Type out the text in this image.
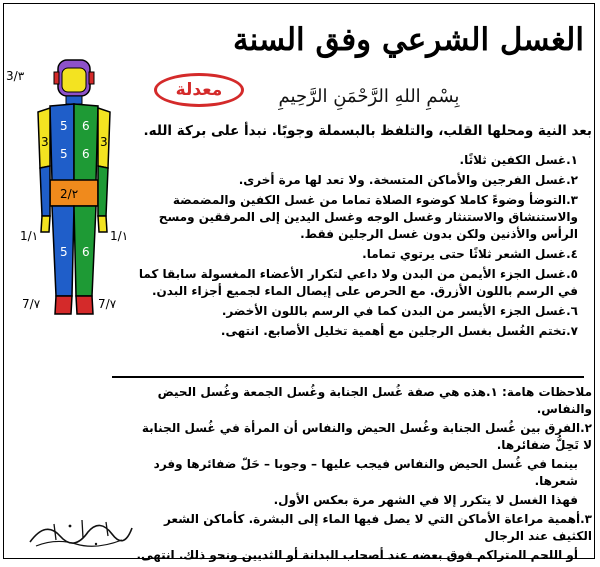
الغسل الشرعي وفق السنة
معدلة	بِسْمِ اللهِ الرَّحْمَنِ الرَّحِيمِ
بعد النية ومحلها القلب، والتلفظ بالبسملة وجوبًا. نبدأ على بركة الله.
١.غسل الكفين ثلاثًا.
٢.غسل الفرجين والأماكن المتسخة. ولا تعد لها مرة أخرى.
٣.التوضأ وضوءً كاملا كوضوء الصلاة تماما من غسل الكفين والمضمضة والاستنشاق والاستنثار وغسل الوجه وغسل اليدين إلى المرفقين ومسح الرأس والأذنين ولكن بدون غسل الرجلين فقط.
٤.غسل الشعر ثلاثًا حتى يرتوي تماما.
٥.غسل الجزء الأيمن من البدن ولا داعي لتكرار الأعضاء المغسولة سابقا كما في الرسم باللون الأزرق. مع الحرص على إيصال الماء لجميع أجزاء البدن.
٦.غسل الجزء الأيسر من البدن كما في الرسم باللون الأخضر.
٧.تختم الغُسل بغسل الرجلين مع أهمية تخليل الأصابع. انتهى.
ملاحظات هامة: ١.هذه هي صفة غُسل الجنابة وغُسل الجمعة وغُسل الحيض والنفاس.
٢.الفرق بين غُسل الجنابة وغُسل الحيض والنفاس أن المرأة في غُسل الجنابة لا تَحِلُّ ضفائرها.
بينما في غُسل الحيض والنفاس فيجب عليها – وجوبا – حَلّ ضفائرها وفرد شعرها.
فهذا الغسل لا يتكرر إلا في الشهر مرة بعكس الأول.
٣.أهمية مراعاة الأماكن التي لا يصل فيها الماء إلى البشرة. كأماكن الشعر الكثيف عند الرجال
أو اللحم المتراكم فوق بعضه عند أصحاب البدانة أو الثديين ونحو ذلك. انتهى.
3/٣
2/٢
3	3
5 6
5 6
5 6
1/١	1/١
7/٧	7/٧
